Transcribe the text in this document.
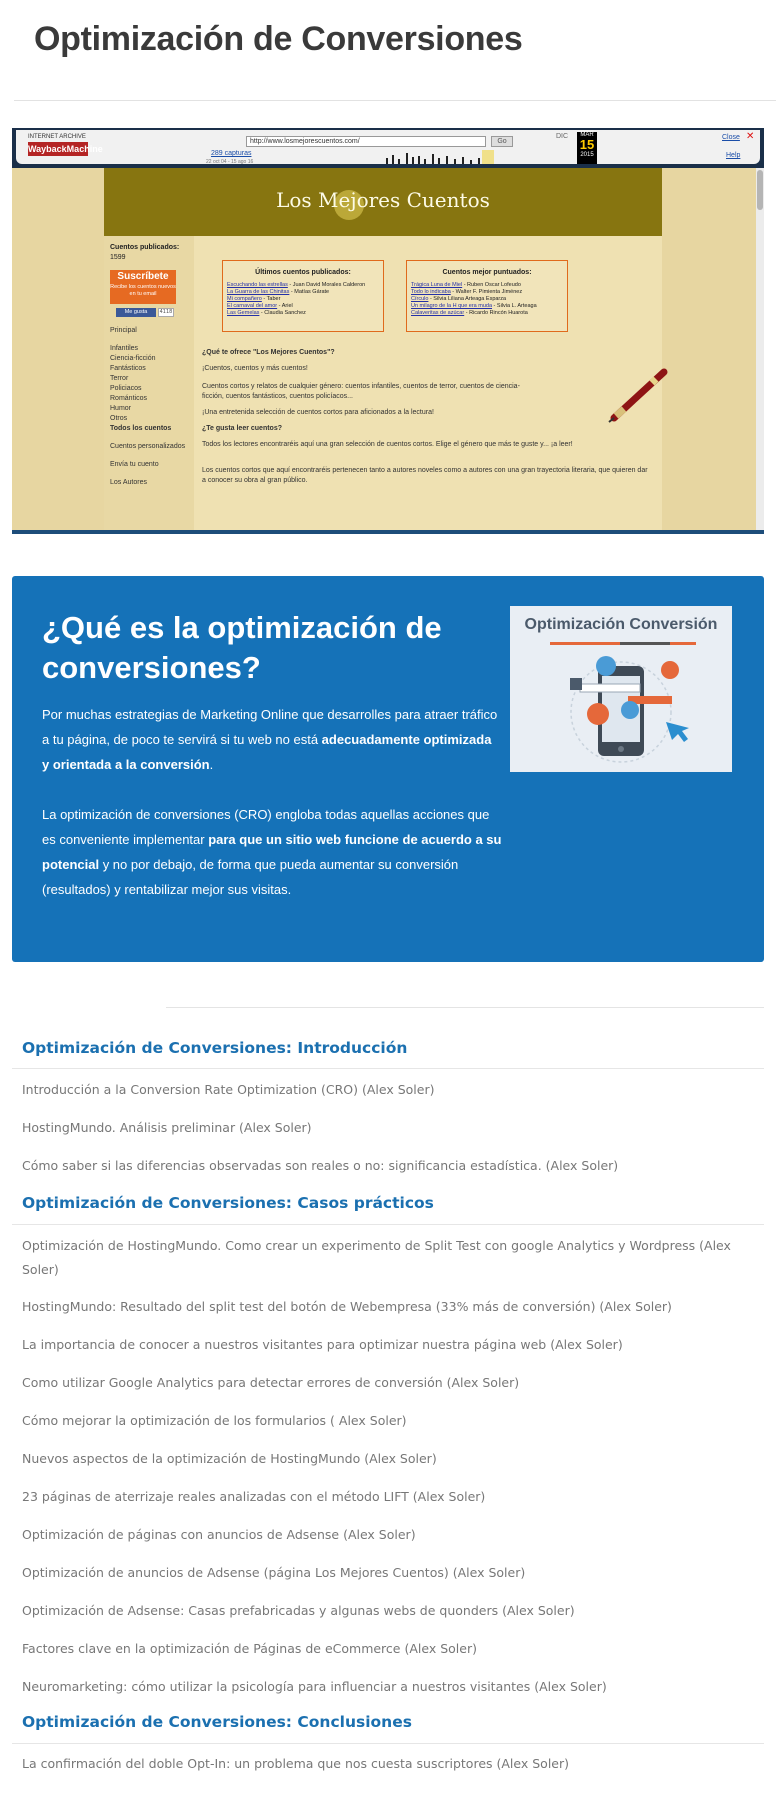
Optimización de Conversiones
INTERNET ARCHIVE
WaybackMachine
http://www.losmejorescuentos.com/	Go
289 capturas
22 oct 04 - 15 ago 16
DIC	MAR
15
2015
Close ✕
Help
Los Mejores Cuentos
Cuentos publicados:
1599
Suscríbete
Recibe los cuentos nuevos en tu email
Me gusta	4118
Principal
Infantiles
Ciencia-ficción
Fantásticos
Terror
Policiacos
Románticos
Humor
Otros
Todos los cuentos
Cuentos personalizados
Envía tu cuento
Los Autores
Últimos cuentos publicados:
Escuchando las estrellas - Juan David Morales Calderon
La Guarra de las Chinitas - Matías Gárate
Mi compañero - Taber
El carnaval del amor - Ariel
Las Gemelas - Claudia Sanchez
Cuentos mejor puntuados:
Trágica Luna de Miel - Ruben Oscar Lofeudo
Todo lo indicaba - Walter F. Pimienta Jiménez
Círculo - Silvia Liliana Arteaga Esparza
Un milagro de la H que era muda - Silvia L. Arteaga
Calaveritas de azúcar - Ricardo Rincón Huarota
¿Qué te ofrece "Los Mejores Cuentos"?
¡Cuentos, cuentos y más cuentos!
Cuentos cortos y relatos de cualquier género: cuentos infantiles, cuentos de terror, cuentos de ciencia-ficción, cuentos fantásticos, cuentos policíacos...
¡Una entretenida selección de cuentos cortos para aficionados a la lectura!
¿Te gusta leer cuentos?
Todos los lectores encontraréis aquí una gran selección de cuentos cortos. Elige el género que más te guste y... ¡a leer!
Los cuentos cortos que aquí encontraréis pertenecen tanto a autores noveles como a autores con una gran trayectoria literaria, que quieren dar a conocer su obra al gran público.
¿Qué es la optimización de conversiones?

Por muchas estrategias de Marketing Online que desarrolles para atraer tráfico a tu página, de poco te servirá si tu web no está adecuadamente optimizada y orientada a la conversión.

La optimización de conversiones (CRO) engloba todas aquellas acciones que es conveniente implementar para que un sitio web funcione de acuerdo a su potencial y no por debajo, de forma que pueda aumentar su conversión (resultados) y rentabilizar mejor sus visitas.

Optimización Conversión
Optimización de Conversiones: Introducción
Introducción a la Conversion Rate Optimization (CRO) (Alex Soler)
HostingMundo. Análisis preliminar (Alex Soler)
Cómo saber si las diferencias observadas son reales o no: significancia estadística. (Alex Soler)
Optimización de Conversiones: Casos prácticos
Optimización de HostingMundo. Como crear un experimento de Split Test con google Analytics y Wordpress (Alex Soler)
HostingMundo: Resultado del split test del botón de Webempresa (33% más de conversión) (Alex Soler)
La importancia de conocer a nuestros visitantes para optimizar nuestra página web (Alex Soler)
Como utilizar Google Analytics para detectar errores de conversión (Alex Soler)
Cómo mejorar la optimización de los formularios ( Alex Soler)
Nuevos aspectos de la optimización de HostingMundo (Alex Soler)
23 páginas de aterrizaje reales analizadas con el método LIFT (Alex Soler)
Optimización de páginas con anuncios de Adsense (Alex Soler)
Optimización de anuncios de Adsense (página Los Mejores Cuentos) (Alex Soler)
Optimización de Adsense: Casas prefabricadas y algunas webs de quonders (Alex Soler)
Factores clave en la optimización de Páginas de eCommerce (Alex Soler)
Neuromarketing: cómo utilizar la psicología para influenciar a nuestros visitantes (Alex Soler)
Optimización de Conversiones: Conclusiones
La confirmación del doble Opt-In: un problema que nos cuesta suscriptores (Alex Soler)
